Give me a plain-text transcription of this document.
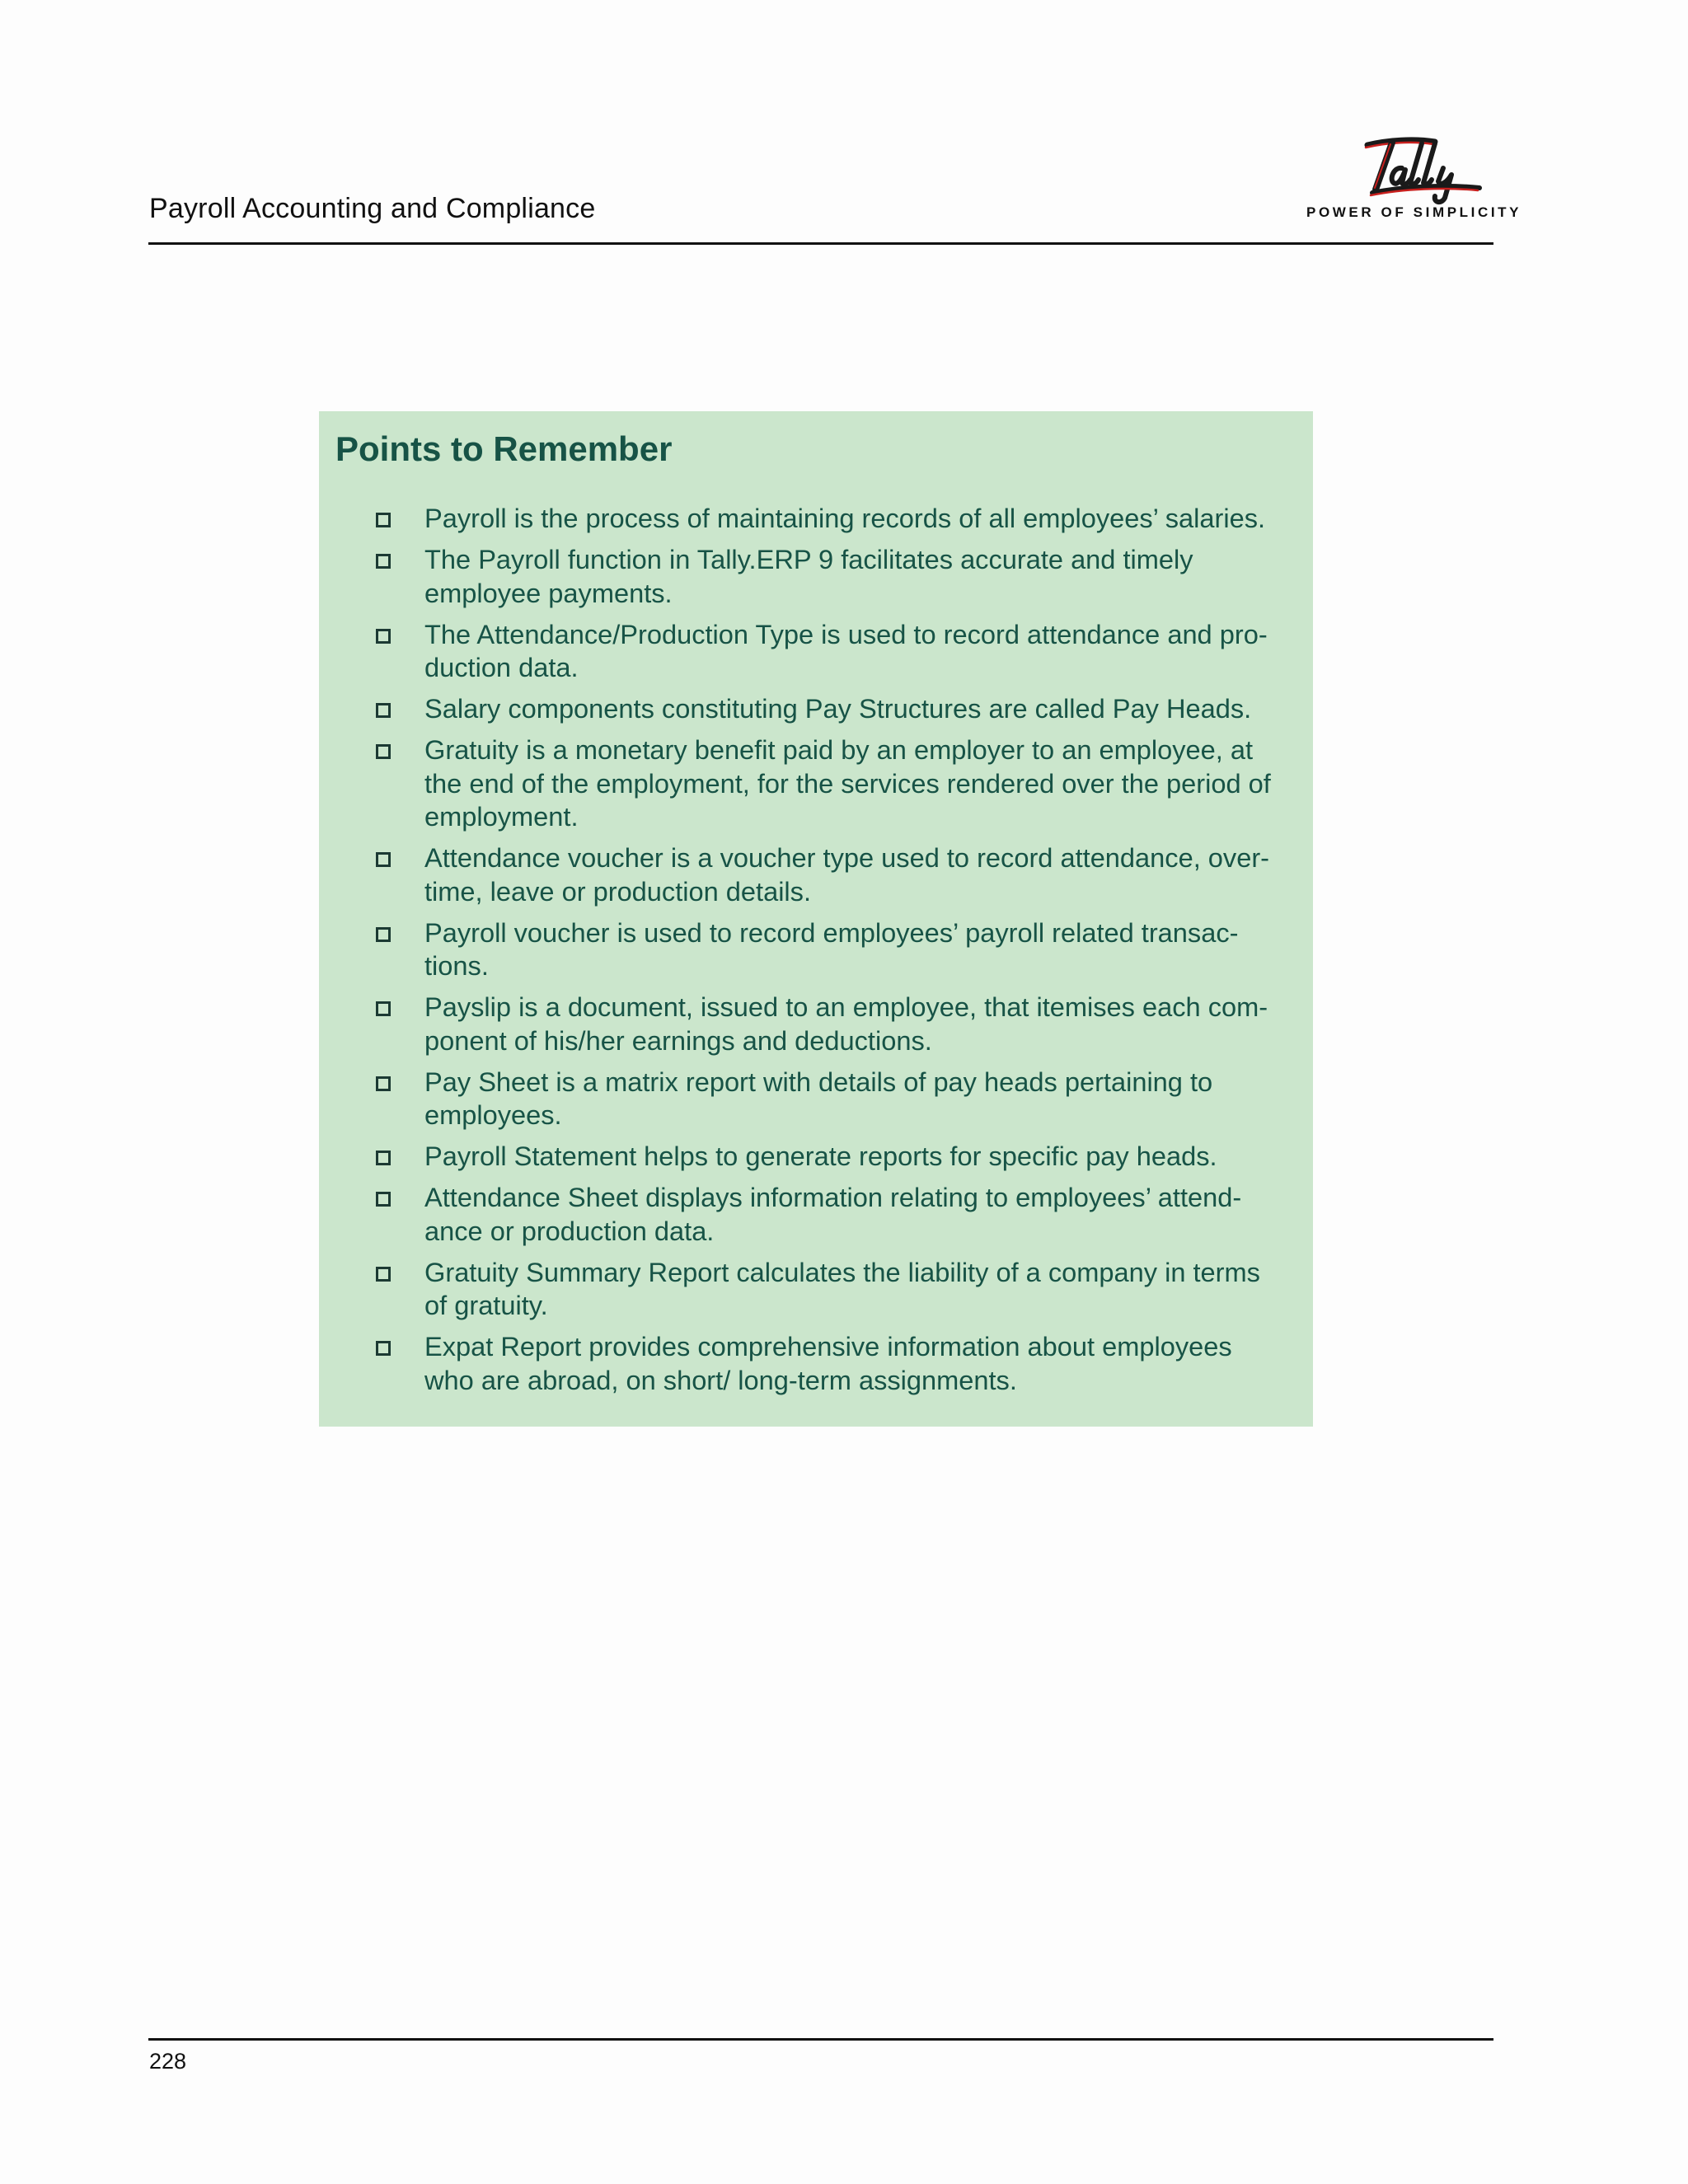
Payroll Accounting and Compliance	POWER OF SIMPLICITY
Points to Remember
Payroll is the process of maintaining records of all employees’ salaries.
The Payroll function in Tally.ERP 9 facilitates accurate and timely
employee payments.
The Attendance/Production Type is used to record attendance and pro-
duction data.
Salary components constituting Pay Structures are called Pay Heads.
Gratuity is a monetary benefit paid by an employer to an employee, at
the end of the employment, for the services rendered over the period of
employment.
Attendance voucher is a voucher type used to record attendance, over-
time, leave or production details.
Payroll voucher is used to record employees’ payroll related transac-
tions.
Payslip is a document, issued to an employee, that itemises each com-
ponent of his/her earnings and deductions.
Pay Sheet is a matrix report with details of pay heads pertaining to
employees.
Payroll Statement helps to generate reports for specific pay heads.
Attendance Sheet displays information relating to employees’ attend-
ance or production data.
Gratuity Summary Report calculates the liability of a company in terms
of gratuity.
Expat Report provides comprehensive information about employees
who are abroad, on short/ long-term assignments.
228
